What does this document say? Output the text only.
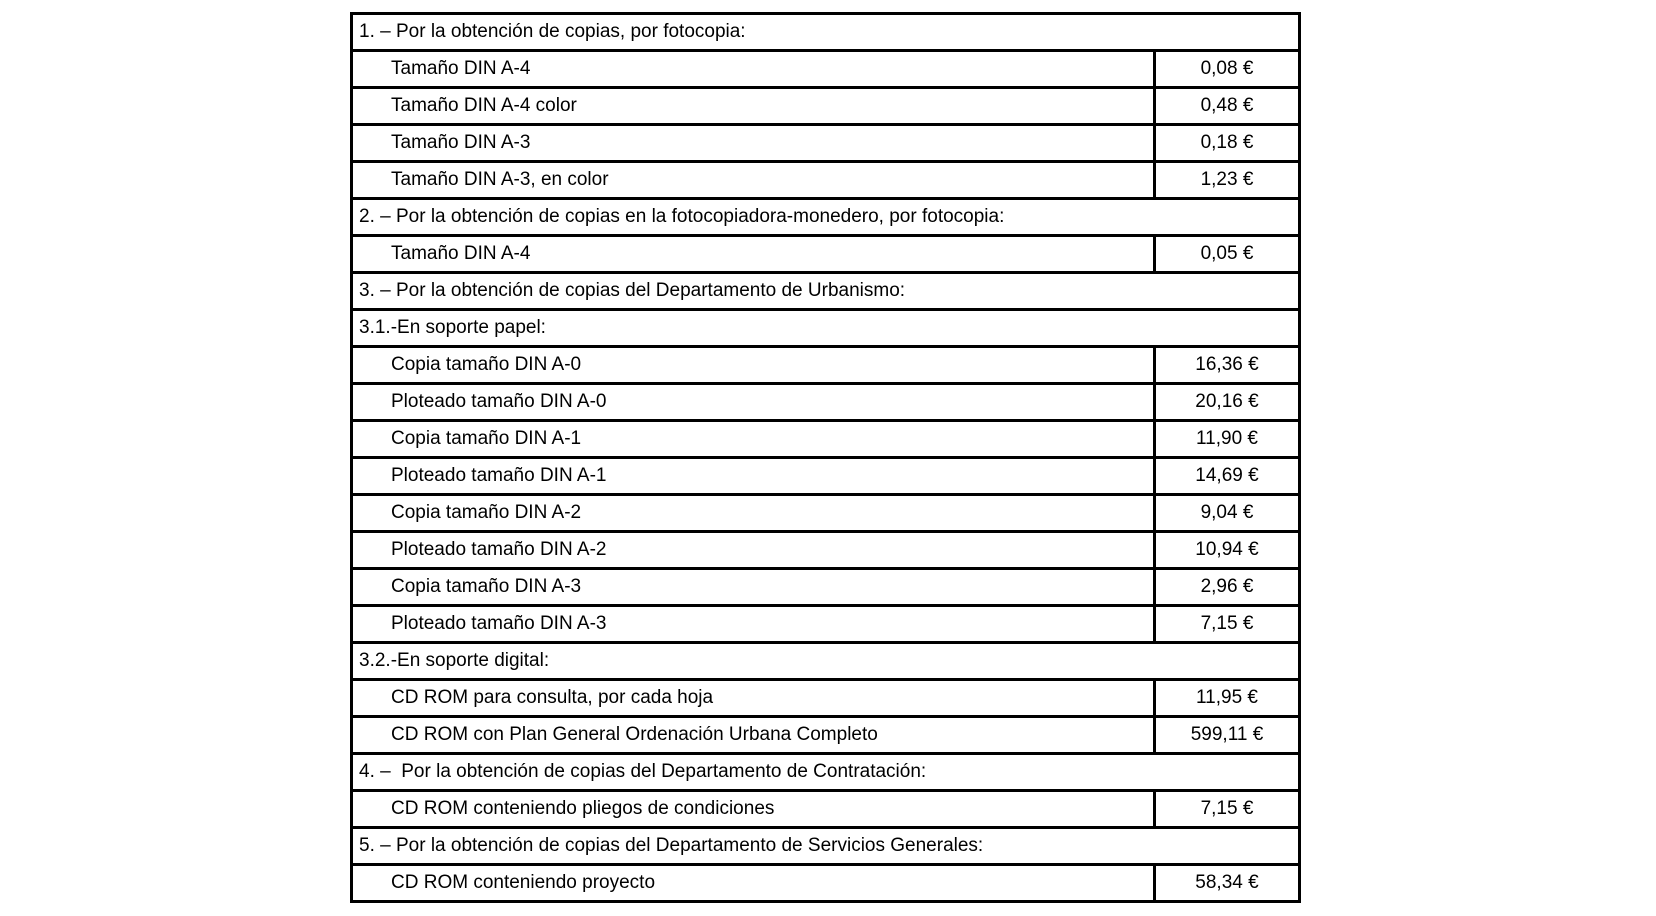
1. – Por la obtención de copias, por fotocopia:	
Tamaño DIN A-4	0,08 €
Tamaño DIN A-4 color	0,48 €
Tamaño DIN A-3	0,18 €
Tamaño DIN A-3, en color	1,23 €
2. – Por la obtención de copias en la fotocopiadora-monedero, por fotocopia:	
Tamaño DIN A-4	0,05 €
3. – Por la obtención de copias del Departamento de Urbanismo:	
3.1.-En soporte papel:	
Copia tamaño DIN A-0	16,36 €
Ploteado tamaño DIN A-0	20,16 €
Copia tamaño DIN A-1	11,90 €
Ploteado tamaño DIN A-1	14,69 €
Copia tamaño DIN A-2	9,04 €
Ploteado tamaño DIN A-2	10,94 €
Copia tamaño DIN A-3	2,96 €
Ploteado tamaño DIN A-3	7,15 €
3.2.-En soporte digital:	
CD ROM para consulta, por cada hoja	11,95 €
CD ROM con Plan General Ordenación Urbana Completo	599,11 €
4. –  Por la obtención de copias del Departamento de Contratación:	
CD ROM conteniendo pliegos de condiciones	7,15 €
5. – Por la obtención de copias del Departamento de Servicios Generales:	
CD ROM conteniendo proyecto	58,34 €
